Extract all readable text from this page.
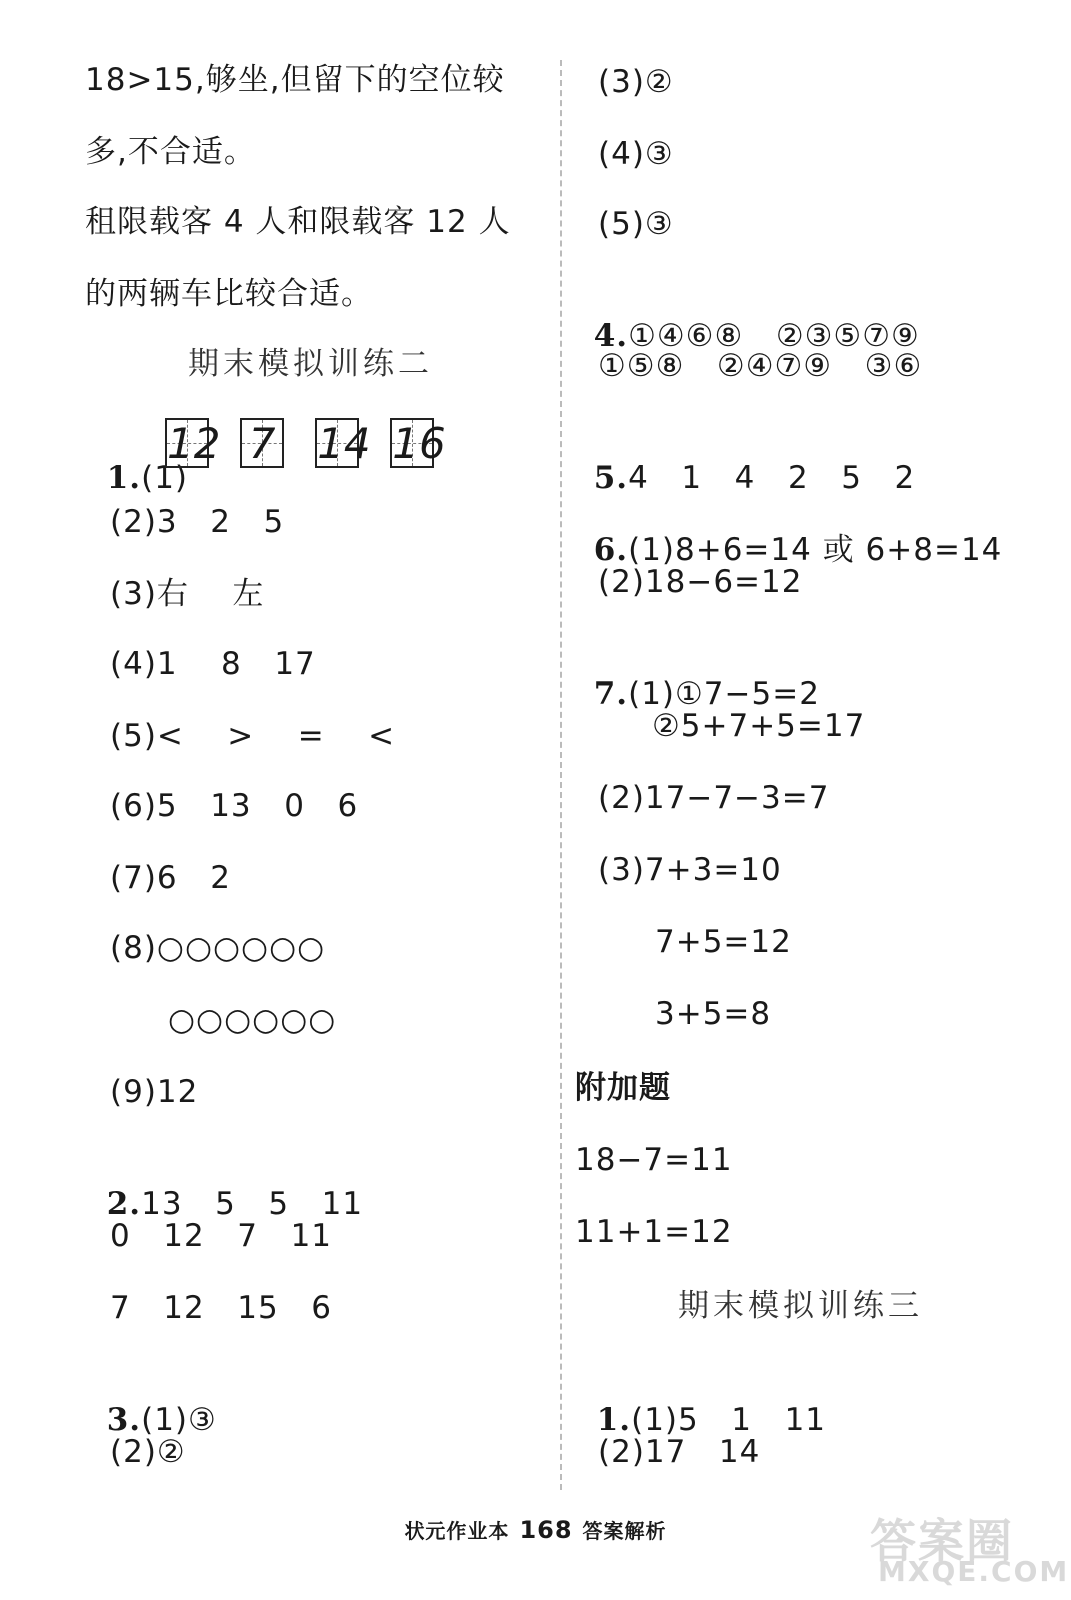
18>15,够坐,但留下的空位较
多,不合适。
租限载客 4 人和限载客 12 人
的两辆车比较合适。
期末模拟训练二

1.(1)

12
7
14
16
(2)3   2   5
(3)右    左
(4)1    8   17
(5)<    >    =    <
(6)5   13   0   6
(7)6   2
(8)○○○○○○
○○○○○○
(9)12

2.13   5   5   11

0   12   7   11
7   12   15   6

3.(1)③

(2)②
(3)②
(4)③
(5)③

4.①④⑥⑧   ②③⑤⑦⑨

①⑤⑧   ②④⑦⑨   ③⑥

5.4   1   4   2   5   2

6.(1)8+6=14 或 6+8=14

(2)18−6=12

7.(1)①7−5=2

②5+7+5=17
(2)17−7−3=7
(3)7+3=10
7+5=12
3+5=8
附加题
18−7=11
11+1=12
期末模拟训练三

1.(1)5   1   11

(2)17   14
状元作业本 168 答案解析	答案圈
MXQE.COM
